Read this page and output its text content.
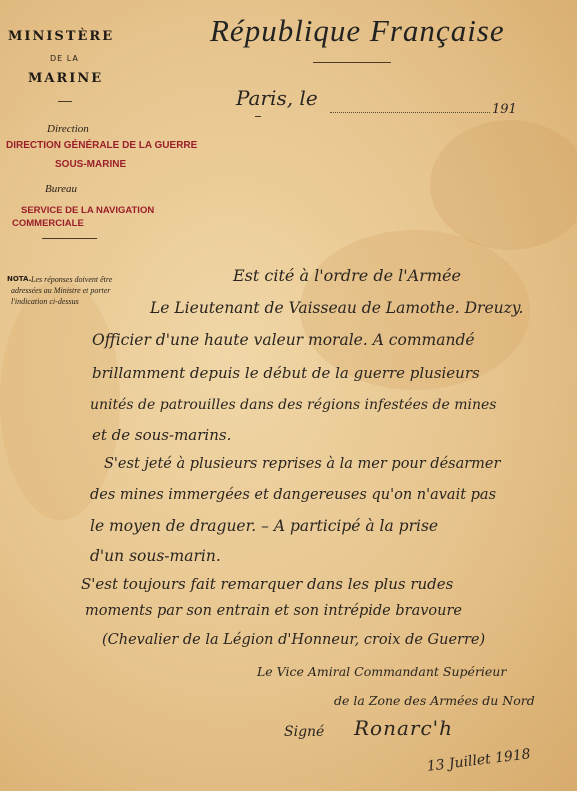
MINISTÈRE
DE LA
MARINE
Direction
DIRECTION GÉNÉRALE DE LA GUERRE
SOUS-MARINE
Bureau
SERVICE DE LA NAVIGATION
COMMERCIALE
NOTA. Les réponses doivent être
adressées au Ministre et porter
l'indication ci-dessus
République Française
Paris, le	191
Est cité à l'ordre de l'Armée
Le Lieutenant de Vaisseau de Lamothe. Dreuzy.
Officier d'une haute valeur morale. A commandé
brillamment depuis le début de la guerre plusieurs
unités de patrouilles dans des régions infestées de mines
et de sous-marins.
S'est jeté à plusieurs reprises à la mer pour désarmer
des mines immergées et dangereuses qu'on n'avait pas
le moyen de draguer. – A participé à la prise
d'un sous-marin.
S'est toujours fait remarquer dans les plus rudes
moments par son entrain et son intrépide bravoure
(Chevalier de la Légion d'Honneur, croix de Guerre)
Le Vice Amiral Commandant Supérieur
de la Zone des Armées du Nord
Signé Ronarc'h
13 Juillet 1918
